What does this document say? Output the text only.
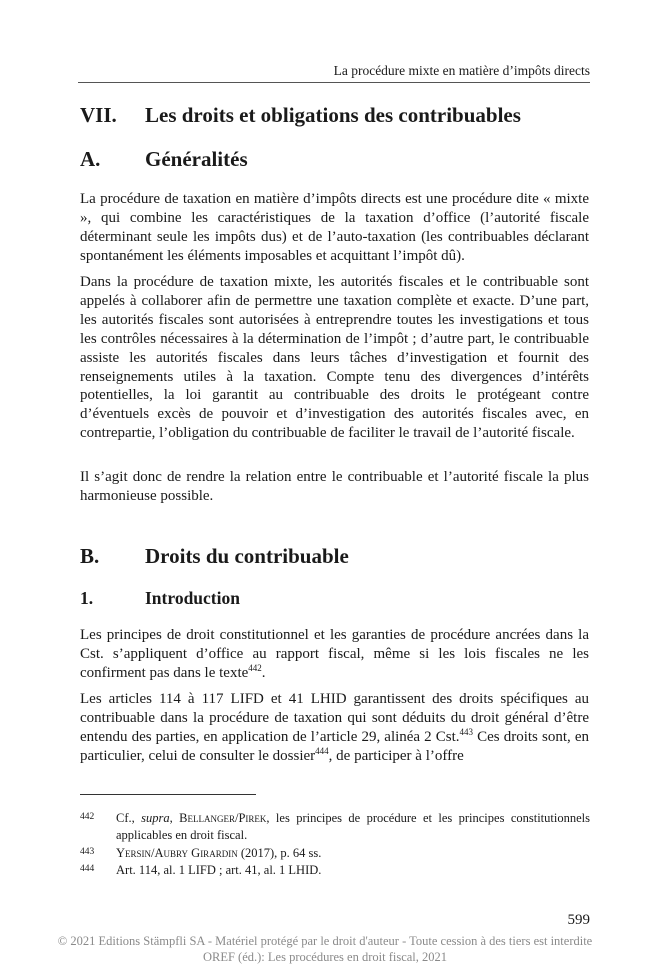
La procédure mixte en matière d’impôts directs
VII. Les droits et obligations des contribuables
A. Généralités

La procédure de taxation en matière d’impôts directs est une procédure dite « mixte », qui combine les caractéristiques de la taxation d’office (l’autorité fiscale déterminant seule les impôts dus) et de l’auto-taxation (les contribuables déclarant spontanément les éléments imposables et acquittant l’impôt dû).

Dans la procédure de taxation mixte, les autorités fiscales et le contribuable sont appelés à collaborer afin de permettre une taxation complète et exacte. D’une part, les autorités fiscales sont autorisées à entreprendre toutes les investigations et tous les contrôles nécessaires à la détermination de l’impôt ; d’autre part, le contribuable assiste les autorités fiscales dans leurs tâches d’investigation et fournit des renseignements utiles à la taxation. Compte tenu des divergences d’intérêts potentielles, la loi garantit au contribuable des droits le protégeant contre d’éventuels excès de pouvoir et d’investigation des autorités fiscales avec, en contrepartie, l’obligation du contribuable de faciliter le travail de l’autorité fiscale.

Il s’agit donc de rendre la relation entre le contribuable et l’autorité fiscale la plus harmonieuse possible.

B. Droits du contribuable
1.	Introduction

Les principes de droit constitutionnel et les garanties de procédure ancrées dans la Cst. s’appliquent d’office au rapport fiscal, même si les lois fiscales ne les confirment pas dans le texte$^{442}$.

Les articles 114 à 117 LIFD et 41 LHID garantissent des droits spécifiques au contribuable dans la procédure de taxation qui sont déduits du droit général d’être entendu des parties, en application de l’article 29, alinéa 2 Cst.$^{443}$ Ces droits sont, en particulier, celui de consulter le dossier$^{444}$, de participer à l’offre

442 Cf., supra, Bellanger/Pirek, les principes de procédure et les principes constitutionnels applicables en droit fiscal.
443 Yersin/Aubry Girardin (2017), p. 64 ss.
444 Art. 114, al. 1 LIFD ; art. 41, al. 1 LHID.
599
© 2021 Editions Stämpfli SA - Matériel protégé par le droit d'auteur - Toute cession à des tiers est interdite
OREF (éd.): Les procédures en droit fiscal, 2021
